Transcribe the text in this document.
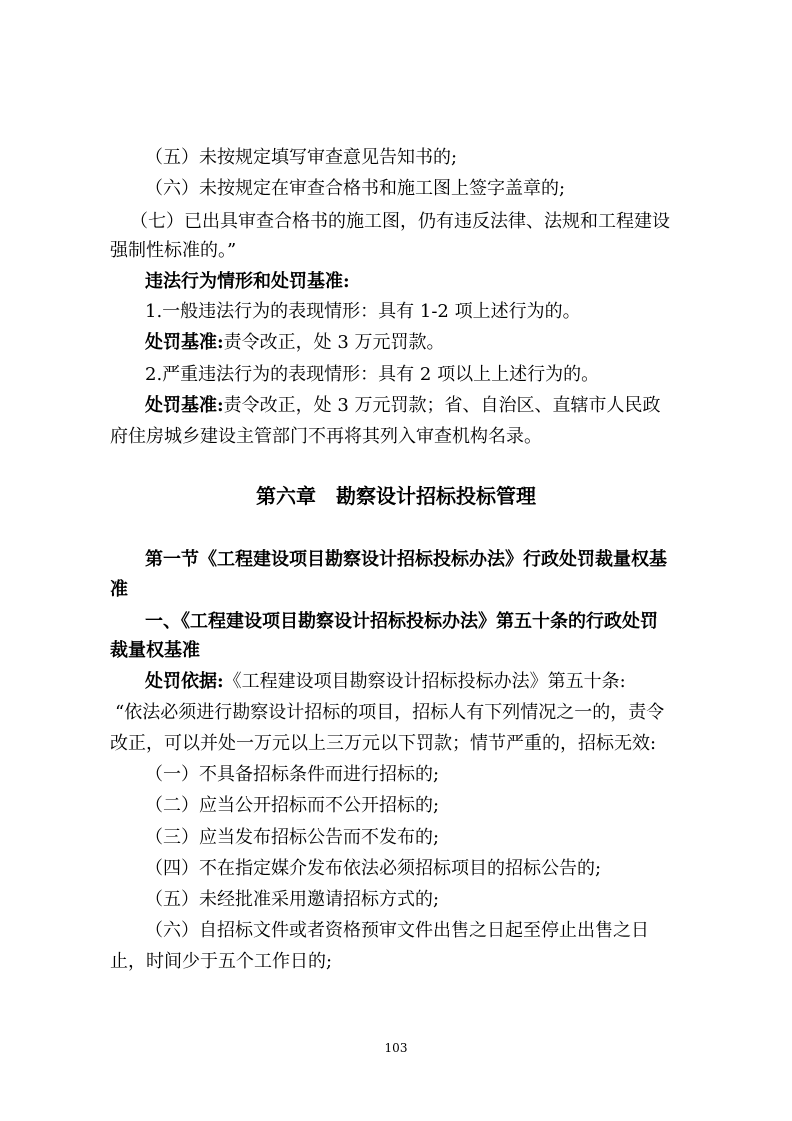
（五）未按规定填写审查意见告知书的;
（六）未按规定在审查合格书和施工图上签字盖章的;
（七）已出具审查合格书的施工图，仍有违反法律、法规和工程建设
强制性标准的。”
违法行为情形和处罚基准:
1.一般违法行为的表现情形：具有 1-2 项上述行为的。
处罚基准:责令改正，处 3 万元罚款。
2.严重违法行为的表现情形：具有 2 项以上上述行为的。
处罚基准:责令改正，处 3 万元罚款；省、自治区、直辖市人民政
府住房城乡建设主管部门不再将其列入审查机构名录。
第六章　勘察设计招标投标管理
第一节《工程建设项目勘察设计招标投标办法》行政处罚裁量权基
准
一、《工程建设项目勘察设计招标投标办法》第五十条的行政处罚
裁量权基准
处罚依据:《工程建设项目勘察设计招标投标办法》第五十条:
“依法必须进行勘察设计招标的项目，招标人有下列情况之一的，责令
改正，可以并处一万元以上三万元以下罚款；情节严重的，招标无效:
（一）不具备招标条件而进行招标的;
（二）应当公开招标而不公开招标的;
（三）应当发布招标公告而不发布的;
（四）不在指定媒介发布依法必须招标项目的招标公告的;
（五）未经批准采用邀请招标方式的;
（六）自招标文件或者资格预审文件出售之日起至停止出售之日
止，时间少于五个工作日的;
103
